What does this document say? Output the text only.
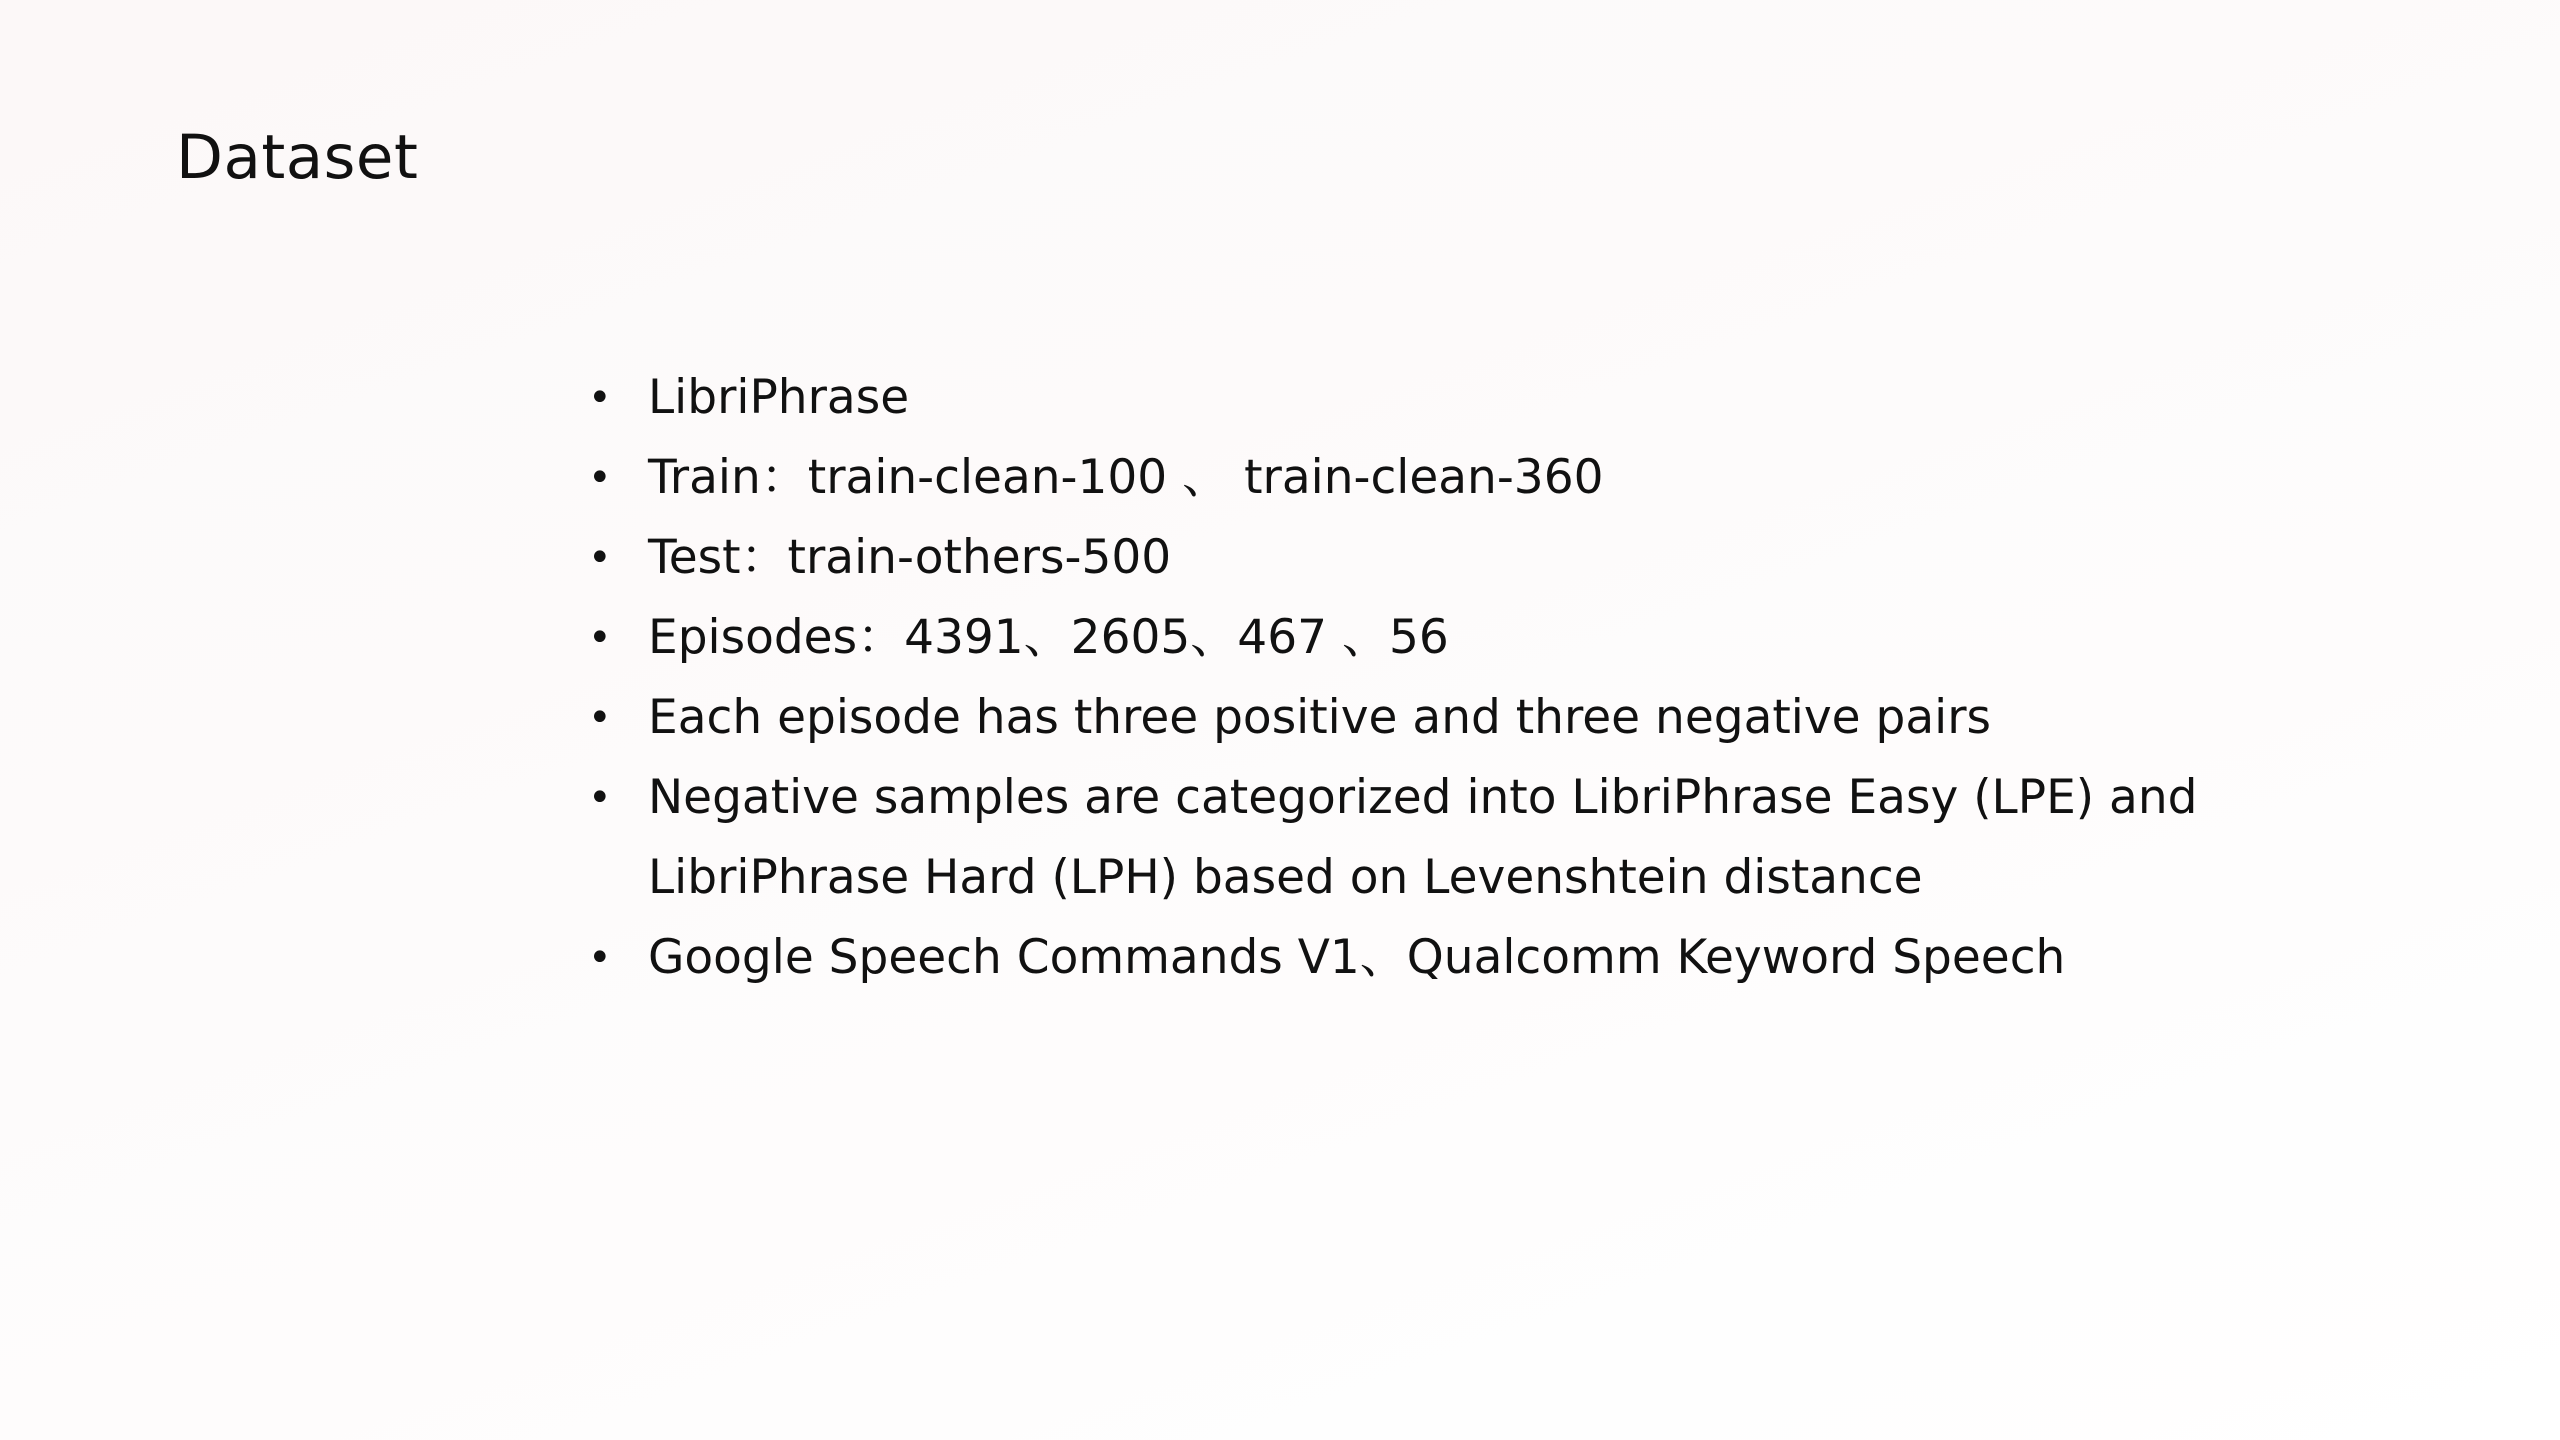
Dataset
• LibriPhrase
• Train：train-clean-100 、 train-clean-360
• Test：train-others-500
• Episodes：4391、2605、467 、56
• Each episode has three positive and three negative pairs
• Negative samples are categorized into LibriPhrase Easy (LPE) and LibriPhrase Hard (LPH) based on Levenshtein distance
• Google Speech Commands V1、Qualcomm Keyword Speech
